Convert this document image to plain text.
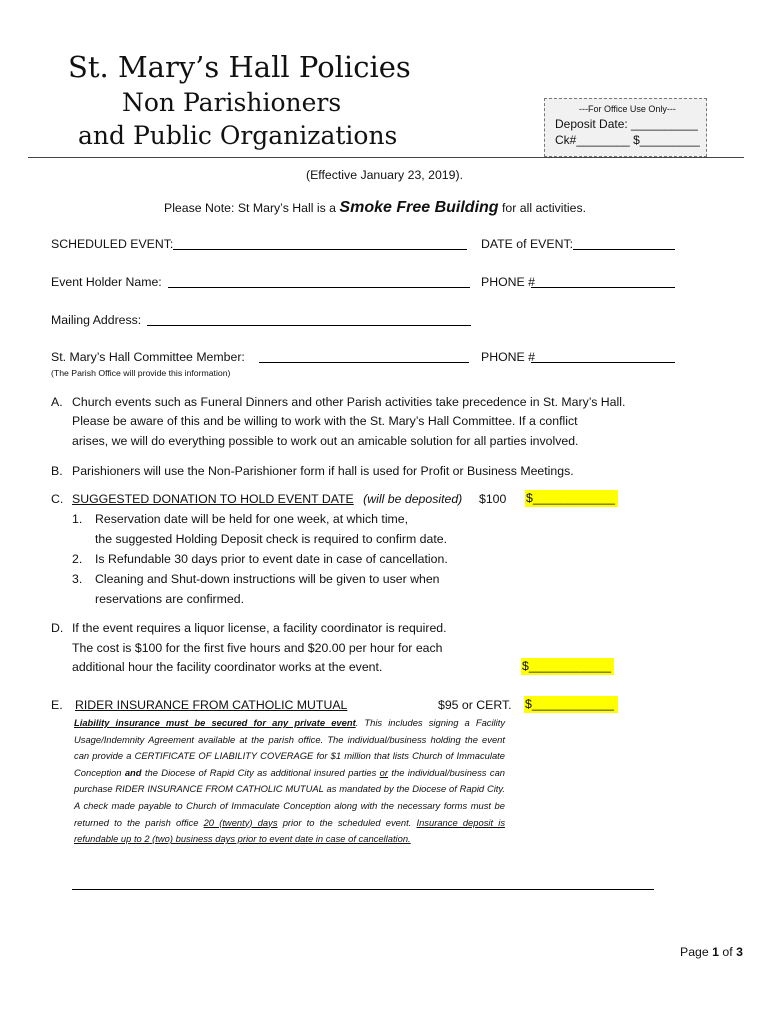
St. Mary’s Hall Policies
Non Parishioners
and Public Organizations
---For Office Use Only---
Deposit Date: __________
Ck#________ $_________
(Effective January 23, 2019).
Please Note: St Mary’s Hall is a Smoke Free Building for all activities.
SCHEDULED EVENT:	DATE of EVENT:
Event Holder Name:	PHONE #
Mailing Address:
St. Mary’s Hall Committee Member:	PHONE #
(The Parish Office will provide this information)
A. Church events such as Funeral Dinners and other Parish activities take precedence in St. Mary’s Hall.
Please be aware of this and be willing to work with the St. Mary’s Hall Committee. If a conflict
arises, we will do everything possible to work out an amicable solution for all parties involved.
B. Parishioners will use the Non-Parishioner form if hall is used for Profit or Business Meetings.
C. SUGGESTED DONATION TO HOLD EVENT DATE (will be deposited) $100 $____________
1. Reservation date will be held for one week, at which time,
the suggested Holding Deposit check is required to confirm date.
2. Is Refundable 30 days prior to event date in case of cancellation.
3. Cleaning and Shut-down instructions will be given to user when
reservations are confirmed.
D. If the event requires a liquor license, a facility coordinator is required.
The cost is $100 for the first five hours and $20.00 per hour for each
additional hour the facility coordinator works at the event.	$____________
E. RIDER INSURANCE FROM CATHOLIC MUTUAL	$95 or CERT. $____________
Liability insurance must be secured for any private event. This includes signing a Facility Usage/Indemnity Agreement available at the parish office. The individual/business holding the event can provide a CERTIFICATE OF LIABILITY COVERAGE for $1 million that lists Church of Immaculate Conception and the Diocese of Rapid City as additional insured parties or the individual/business can purchase RIDER INSURANCE FROM CATHOLIC MUTUAL as mandated by the Diocese of Rapid City. A check made payable to Church of Immaculate Conception along with the necessary forms must be returned to the parish office 20 (twenty) days prior to the scheduled event. Insurance deposit is refundable up to 2 (two) business days prior to event date in case of cancellation.
Page 1 of 3
